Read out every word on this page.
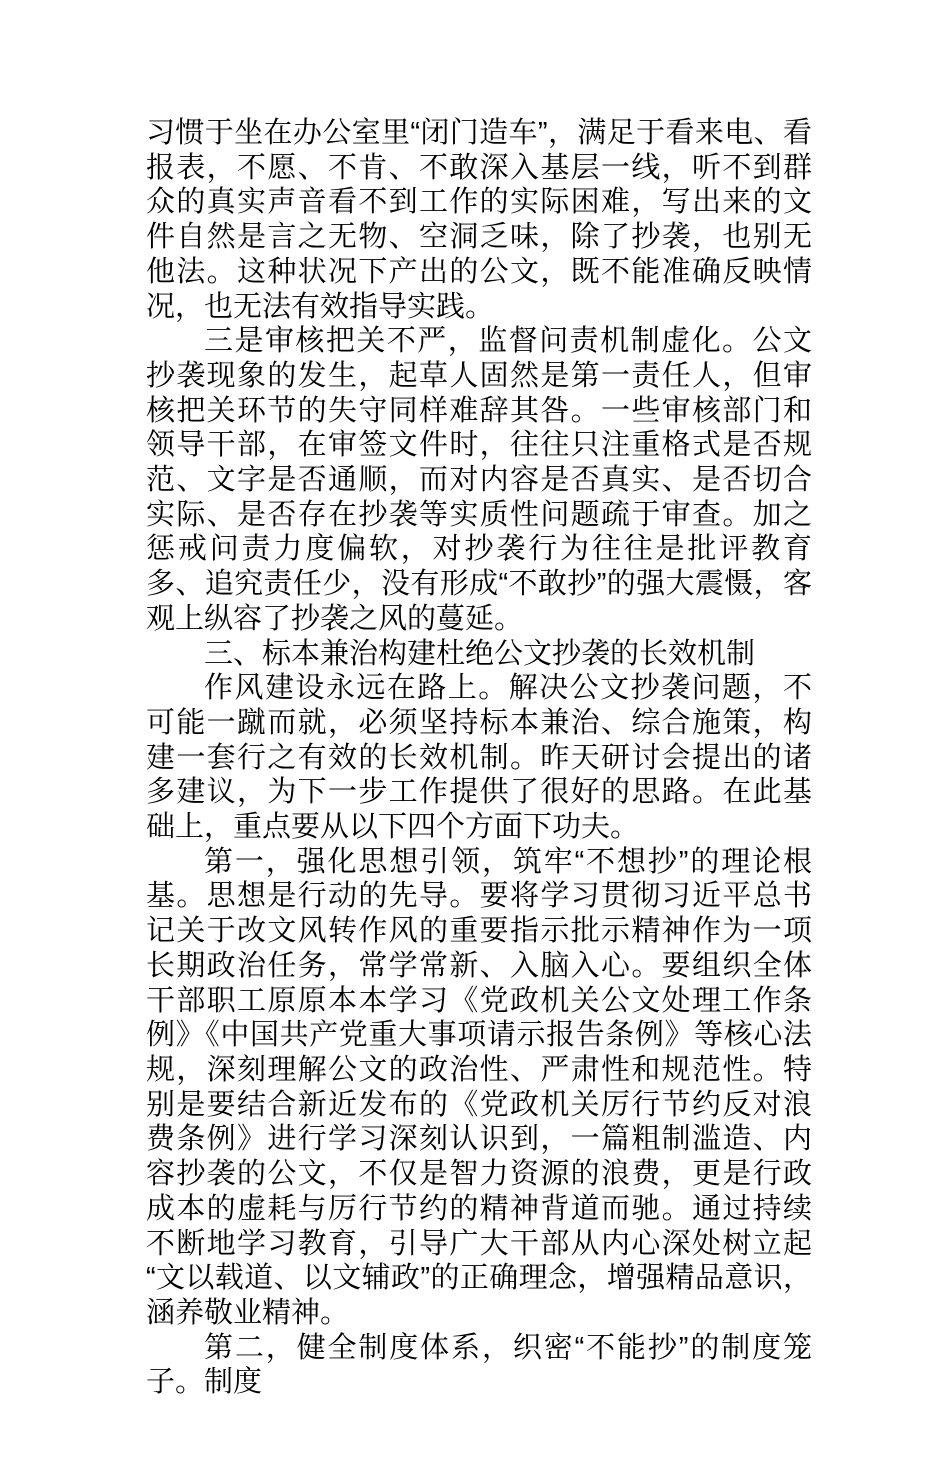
习惯于坐在办公室里“闭门造车”，满足于看来电、看报表，不愿、不肯、不敢深入基层一线，听不到群众的真实声音看不到工作的实际困难，写出来的文件自然是言之无物、空洞乏味，除了抄袭，也别无他法。这种状况下产出的公文，既不能准确反映情况，也无法有效指导实践。

三是审核把关不严，监督问责机制虚化。公文抄袭现象的发生，起草人固然是第一责任人，但审核把关环节的失守同样难辞其咎。一些审核部门和领导干部，在审签文件时，往往只注重格式是否规范、文字是否通顺，而对内容是否真实、是否切合实际、是否存在抄袭等实质性问题疏于审查。加之惩戒问责力度偏软，对抄袭行为往往是批评教育多、追究责任少，没有形成“不敢抄”的强大震慑，客观上纵容了抄袭之风的蔓延。

三、标本兼治构建杜绝公文抄袭的长效机制

作风建设永远在路上。解决公文抄袭问题，不可能一蹴而就，必须坚持标本兼治、综合施策，构建一套行之有效的长效机制。昨天研讨会提出的诸多建议，为下一步工作提供了很好的思路。在此基础上，重点要从以下四个方面下功夫。

第一，强化思想引领，筑牢“不想抄”的理论根基。思想是行动的先导。要将学习贯彻习近平总书记关于改文风转作风的重要指示批示精神作为一项长期政治任务，常学常新、入脑入心。要组织全体干部职工原原本本学习《党政机关公文处理工作条例》《中国共产党重大事项请示报告条例》等核心法规，深刻理解公文的政治性、严肃性和规范性。特别是要结合新近发布的《党政机关厉行节约反对浪费条例》进行学习深刻认识到，一篇粗制滥造、内容抄袭的公文，不仅是智力资源的浪费，更是行政成本的虚耗与厉行节约的精神背道而驰。通过持续不断地学习教育，引导广大干部从内心深处树立起“文以载道、以文辅政”的正确理念，增强精品意识，涵养敬业精神。

第二，健全制度体系，织密“不能抄”的制度笼子。制度
